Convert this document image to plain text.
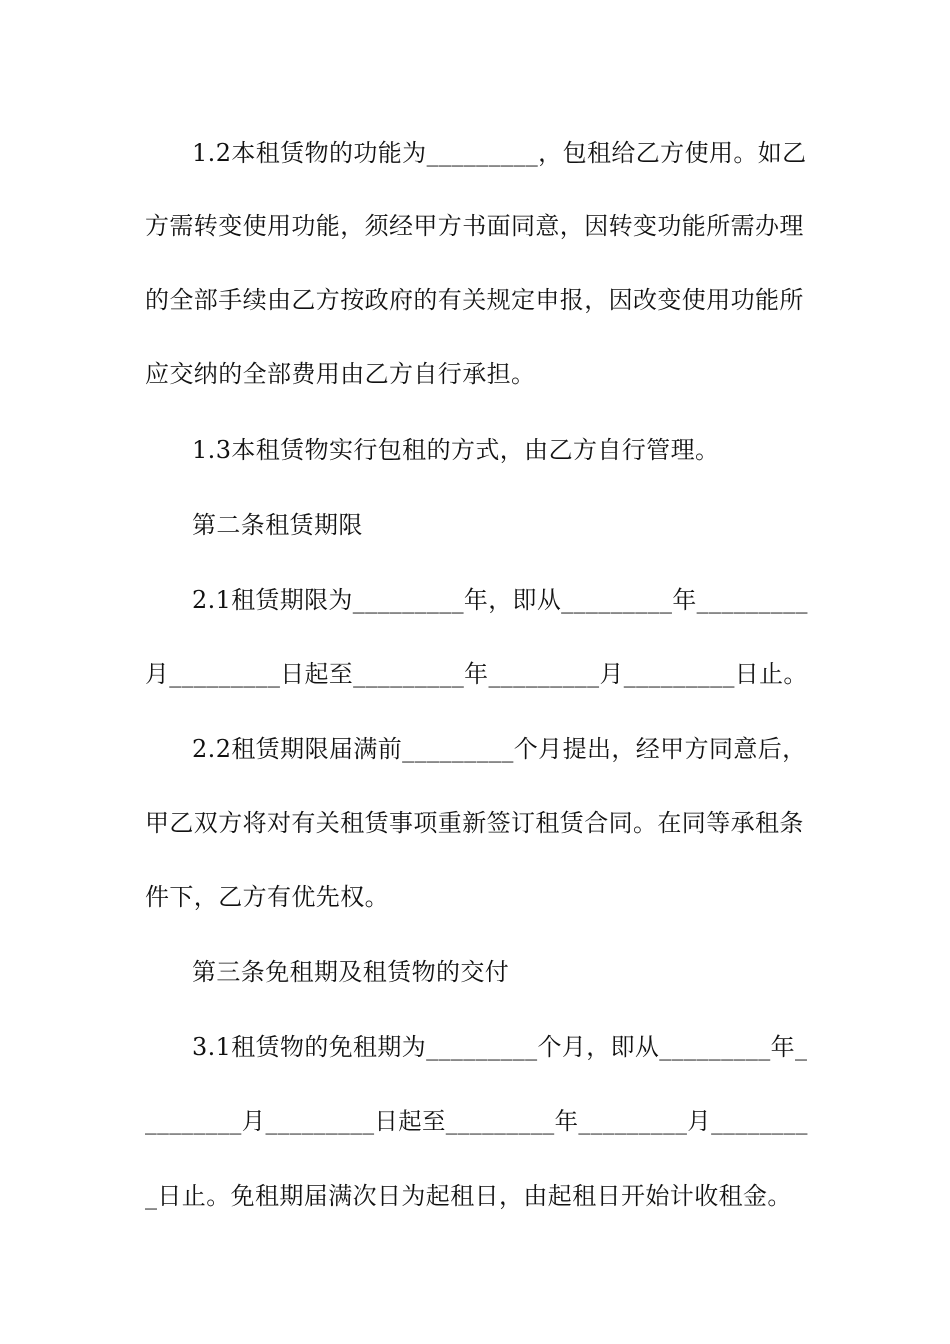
1.2本租赁物的功能为_________，包租给乙方使用。如乙
方需转变使用功能，须经甲方书面同意，因转变功能所需办理
的全部手续由乙方按政府的有关规定申报，因改变使用功能所
应交纳的全部费用由乙方自行承担。
1.3本租赁物实行包租的方式，由乙方自行管理。
第二条租赁期限
2.1租赁期限为_________年，即从_________年_________
月_________日起至_________年_________月_________日止。
2.2租赁期限届满前_________个月提出，经甲方同意后，
甲乙双方将对有关租赁事项重新签订租赁合同。在同等承租条
件下，乙方有优先权。
第三条免租期及租赁物的交付
3.1租赁物的免租期为_________个月，即从_________年_
________月_________日起至_________年_________月________
_日止。免租期届满次日为起租日，由起租日开始计收租金。
